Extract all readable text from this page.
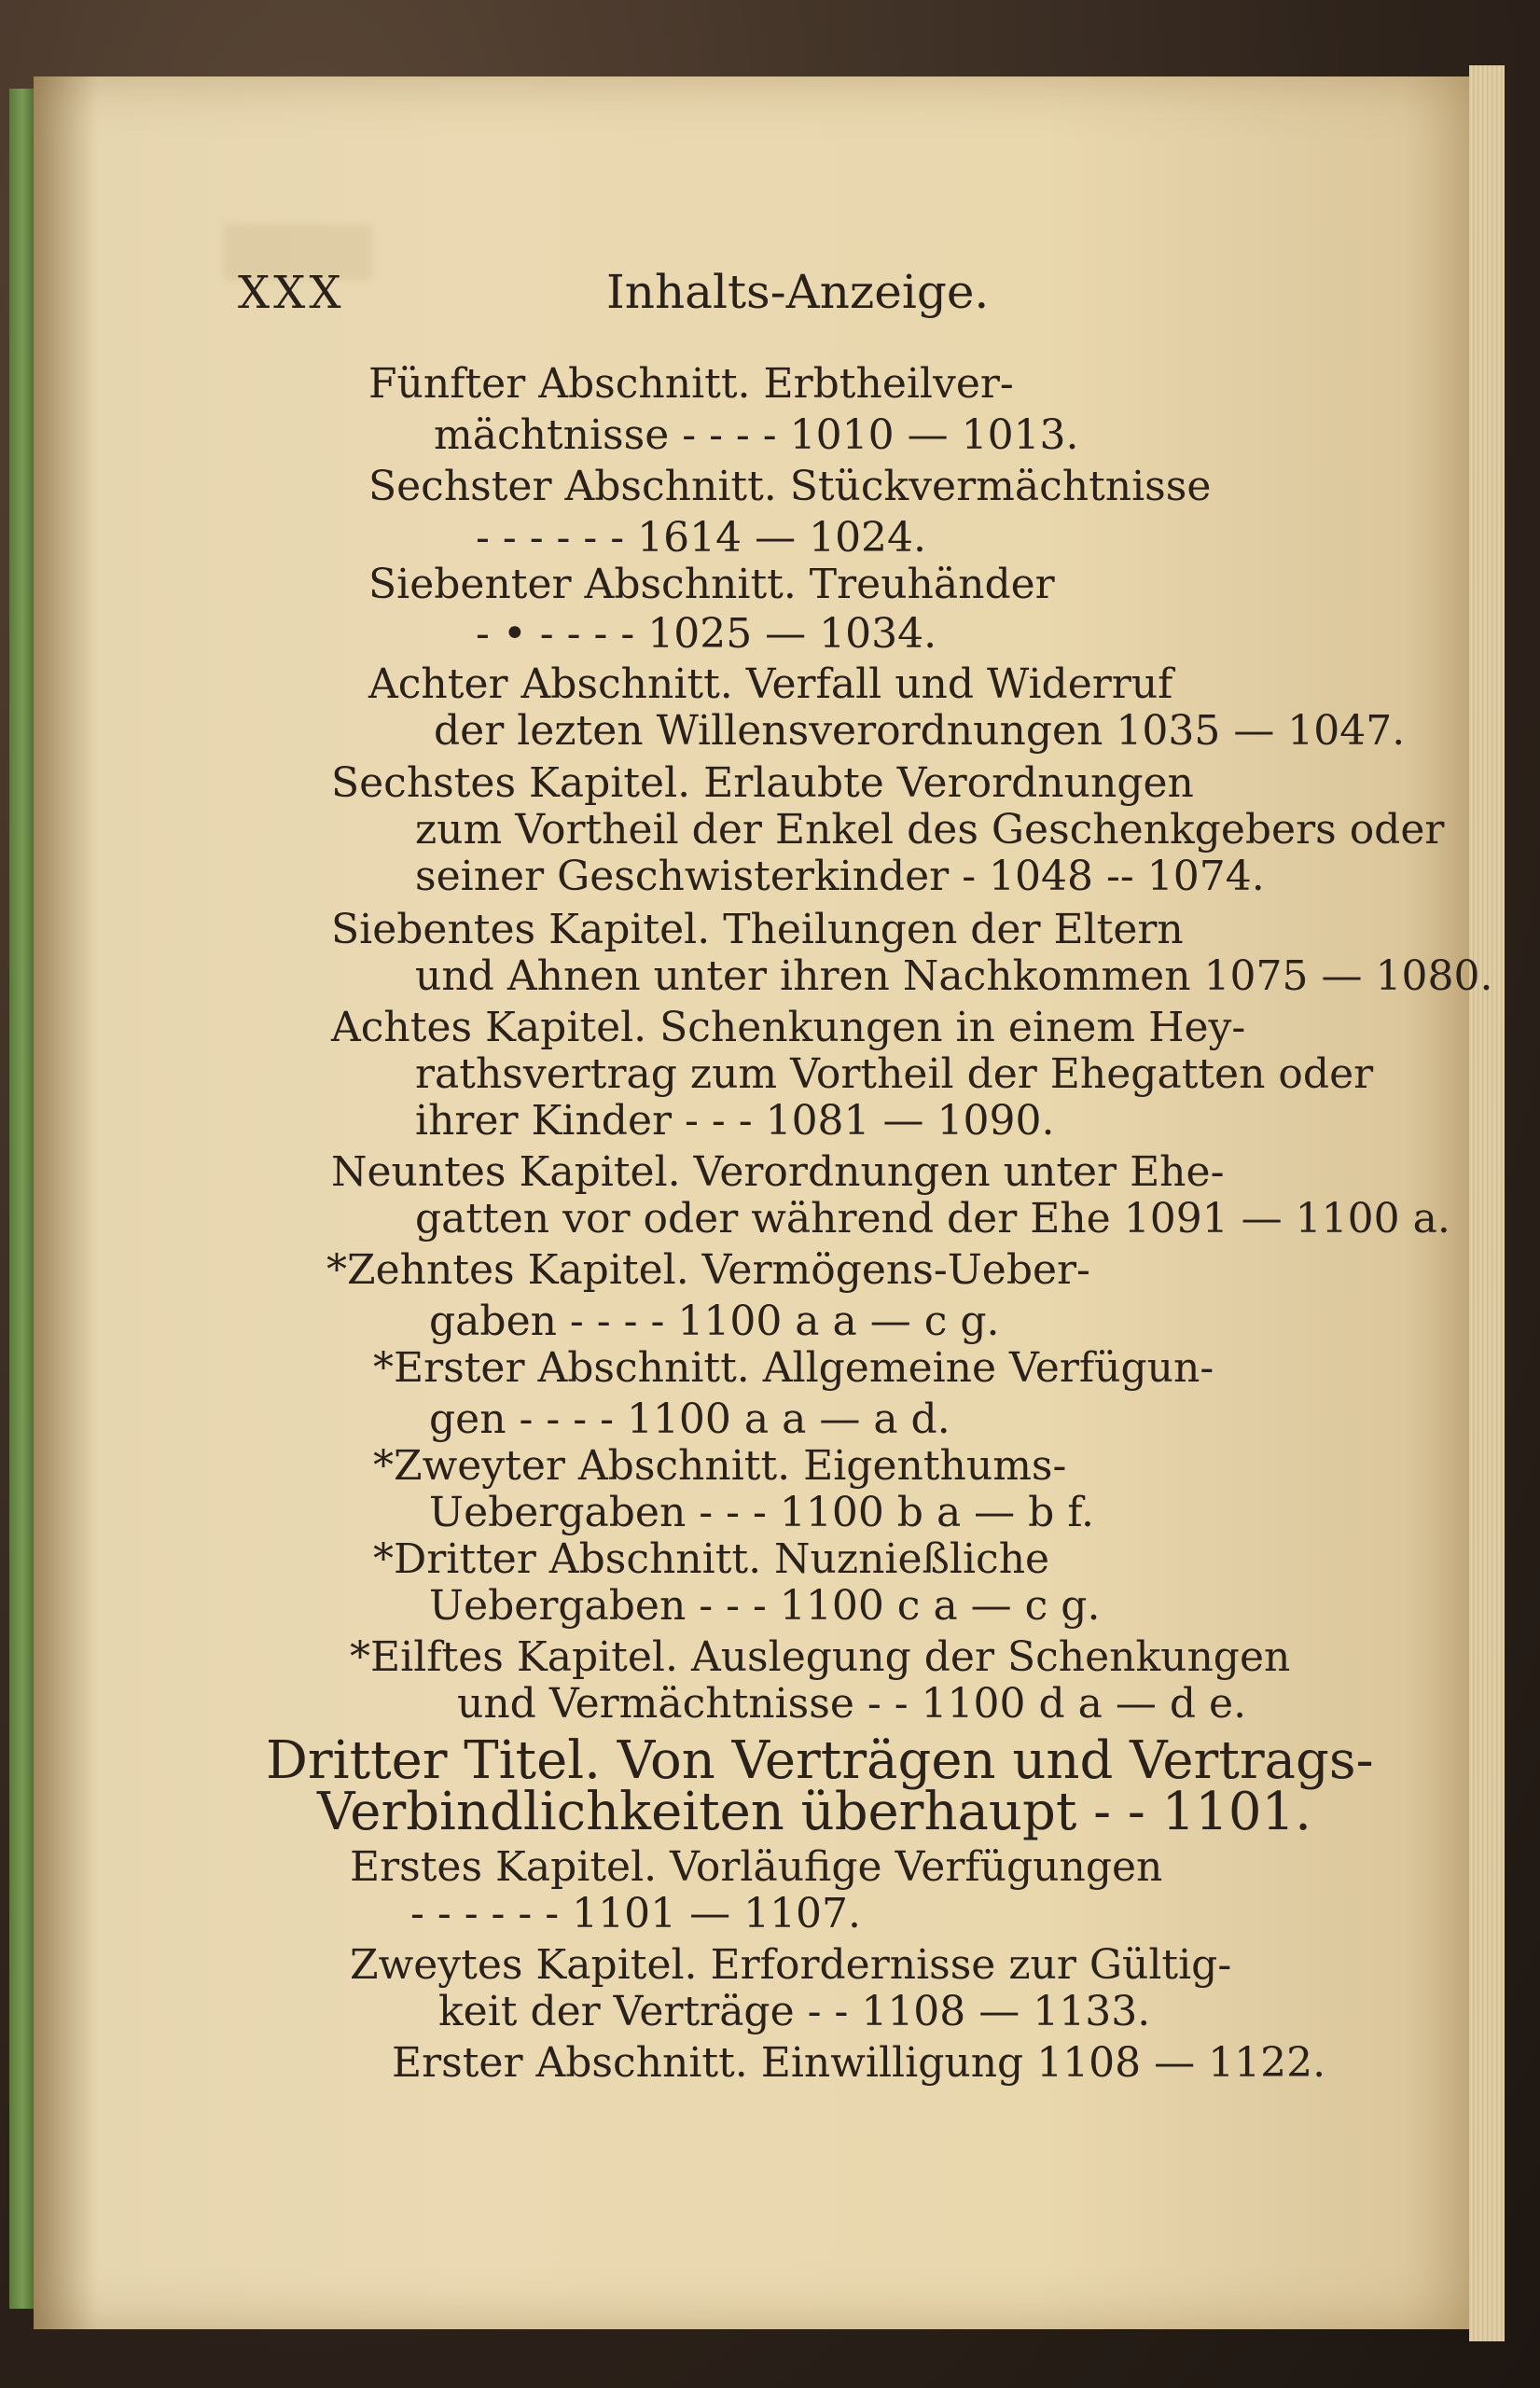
XXX	Inhalts-Anzeige.
Fünfter Abschnitt. Erbtheilver-
mächtnisse - - - - 1010 — 1013.
Sechster Abschnitt. Stückvermächtnisse
- - - - - - 1614 — 1024.
Siebenter Abschnitt. Treuhänder
- • - - - - 1025 — 1034.
Achter Abschnitt. Verfall und Widerruf
der lezten Willensverordnungen 1035 — 1047.
Sechstes Kapitel. Erlaubte Verordnungen
zum Vortheil der Enkel des Geschenkgebers oder
seiner Geschwisterkinder - 1048 -- 1074.
Siebentes Kapitel. Theilungen der Eltern
und Ahnen unter ihren Nachkommen 1075 — 1080.
Achtes Kapitel. Schenkungen in einem Hey-
rathsvertrag zum Vortheil der Ehegatten oder
ihrer Kinder - - - 1081 — 1090.
Neuntes Kapitel. Verordnungen unter Ehe-
gatten vor oder während der Ehe 1091 — 1100 a.
*Zehntes Kapitel. Vermögens-Ueber-
gaben - - - - 1100 a a — c g.
*Erster Abschnitt. Allgemeine Verfügun-
gen - - - - 1100 a a — a d.
*Zweyter Abschnitt. Eigenthums-
Uebergaben - - - 1100 b a — b f.
*Dritter Abschnitt. Nuznießliche
Uebergaben - - - 1100 c a — c g.
*Eilftes Kapitel. Auslegung der Schenkungen
und Vermächtnisse - - 1100 d a — d e.
Dritter Titel. Von Verträgen und Vertrags-
Verbindlichkeiten überhaupt - - 1101.
Erstes Kapitel. Vorläufige Verfügungen
- - - - - - 1101 — 1107.
Zweytes Kapitel. Erfordernisse zur Gültig-
keit der Verträge - - 1108 — 1133.
Erster Abschnitt. Einwilligung 1108 — 1122.
